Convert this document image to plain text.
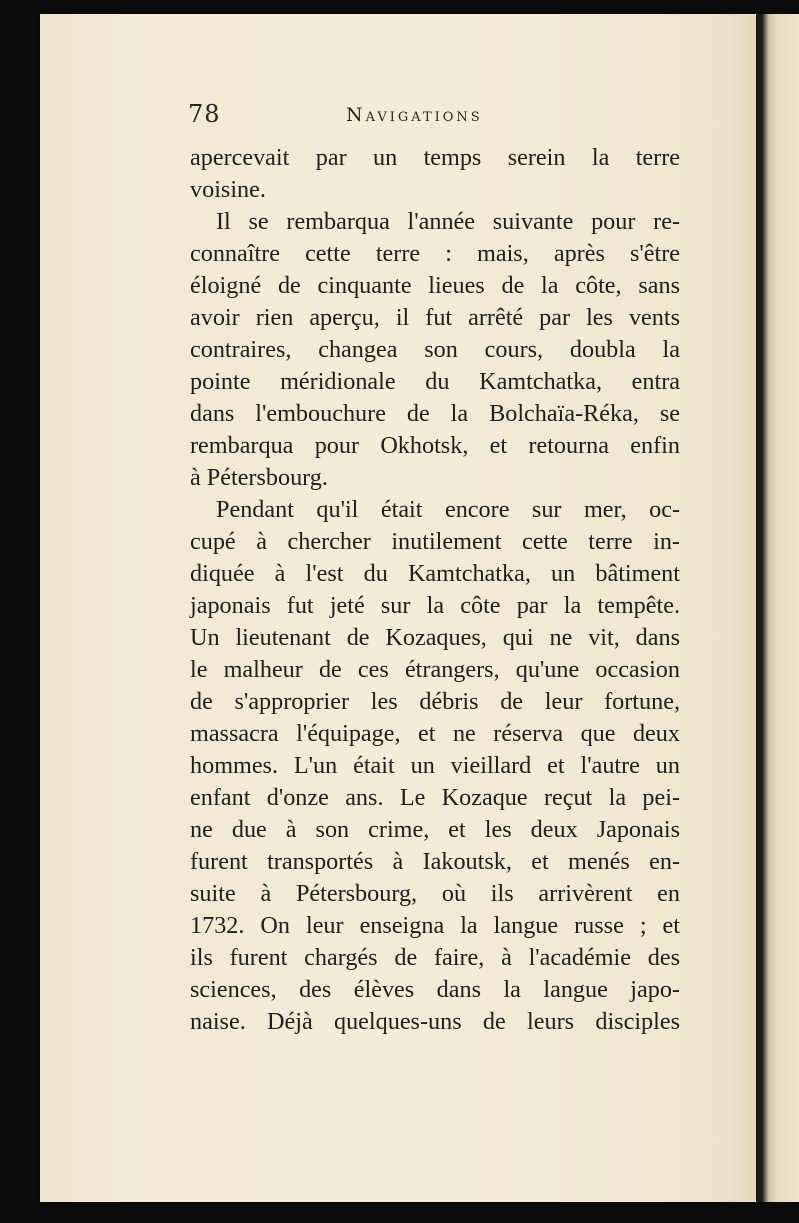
78	Navigations
apercevait par un temps serein la terre
voisine.
Il se rembarqua l'année suivante pour re-
connaître cette terre : mais, après s'être
éloigné de cinquante lieues de la côte, sans
avoir rien aperçu, il fut arrêté par les vents
contraires, changea son cours, doubla la
pointe méridionale du Kamtchatka, entra
dans l'embouchure de la Bolchaïa-Réka, se
rembarqua pour Okhotsk, et retourna enfin
à Pétersbourg.
Pendant qu'il était encore sur mer, oc-
cupé à chercher inutilement cette terre in-
diquée à l'est du Kamtchatka, un bâtiment
japonais fut jeté sur la côte par la tempête.
Un lieutenant de Kozaques, qui ne vit, dans
le malheur de ces étrangers, qu'une occasion
de s'approprier les débris de leur fortune,
massacra l'équipage, et ne réserva que deux
hommes. L'un était un vieillard et l'autre un
enfant d'onze ans. Le Kozaque reçut la pei-
ne due à son crime, et les deux Japonais
furent transportés à Iakoutsk, et menés en-
suite à Pétersbourg, où ils arrivèrent en
1732. On leur enseigna la langue russe ; et
ils furent chargés de faire, à l'académie des
sciences, des élèves dans la langue japo-
naise. Déjà quelques-uns de leurs disciples
